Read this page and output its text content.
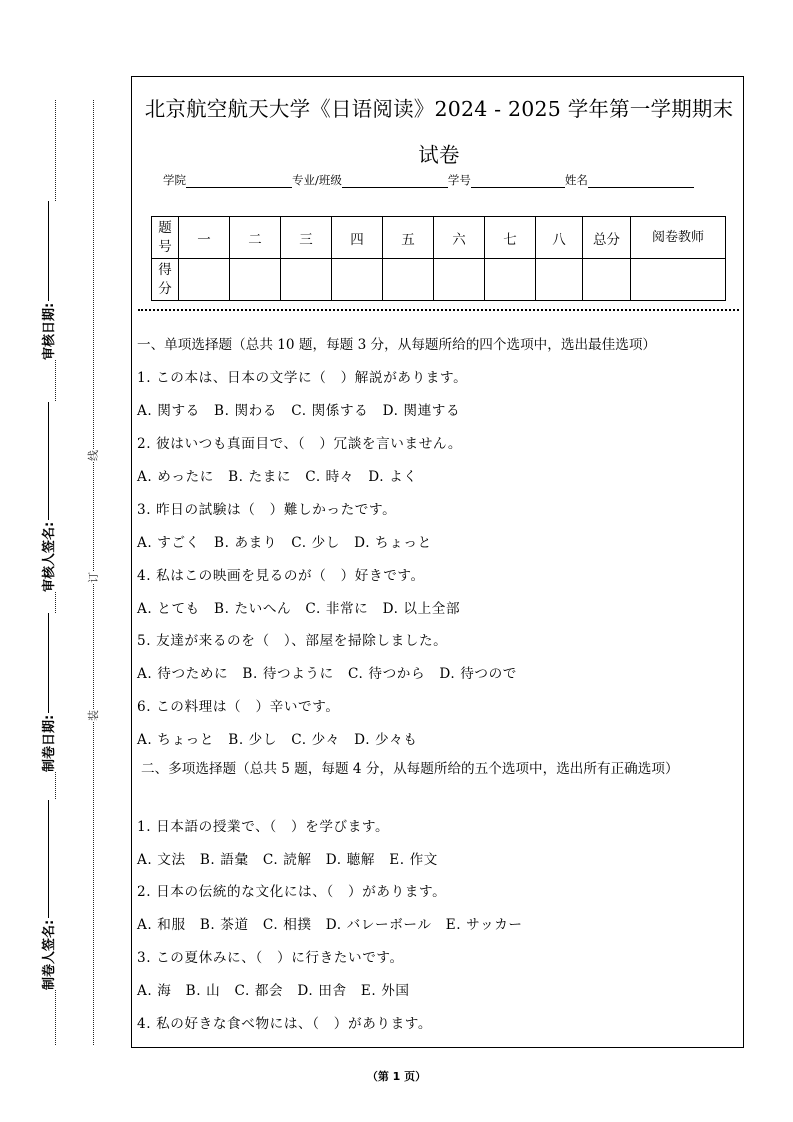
审核日期:
审核人签名:
制卷日期:
制卷人签名:
线
订
装
北京航空航天大学《日语阅读》2024 - 2025 学年第一学期期末试卷
学院	专业/班级	学号	姓名
题号	一	二	三	四	五	六	七	八	总分	阅卷教师
得分										
一、单项选择题（总共 10 题，每题 3 分，从每题所给的四个选项中，选出最佳选项）
1. この本は、日本の文学に（　）解説があります。
A. 関する　B. 関わる　C. 関係する　D. 関連する
2. 彼はいつも真面目で、（　）冗談を言いません。
A. めったに　B. たまに　C. 時々　D. よく
3. 昨日の試験は（　）難しかったです。
A. すごく　B. あまり　C. 少し　D. ちょっと
4. 私はこの映画を見るのが（　）好きです。
A. とても　B. たいへん　C. 非常に　D. 以上全部
5. 友達が来るのを（　）、部屋を掃除しました。
A. 待つために　B. 待つように　C. 待つから　D. 待つので
6. この料理は（　）辛いです。
A. ちょっと　B. 少し　C. 少々　D. 少々も
二、多项选择题（总共 5 题，每题 4 分，从每题所给的五个选项中，选出所有正确选项）
1. 日本語の授業で、（　）を学びます。
A. 文法　B. 語彙　C. 読解　D. 聴解　E. 作文
2. 日本の伝統的な文化には、（　）があります。
A. 和服　B. 茶道　C. 相撲　D. バレーボール　E. サッカー
3. この夏休みに、（　）に行きたいです。
A. 海　B. 山　C. 都会　D. 田舎　E. 外国
4. 私の好きな食べ物には、（　）があります。
（第 1 页）
